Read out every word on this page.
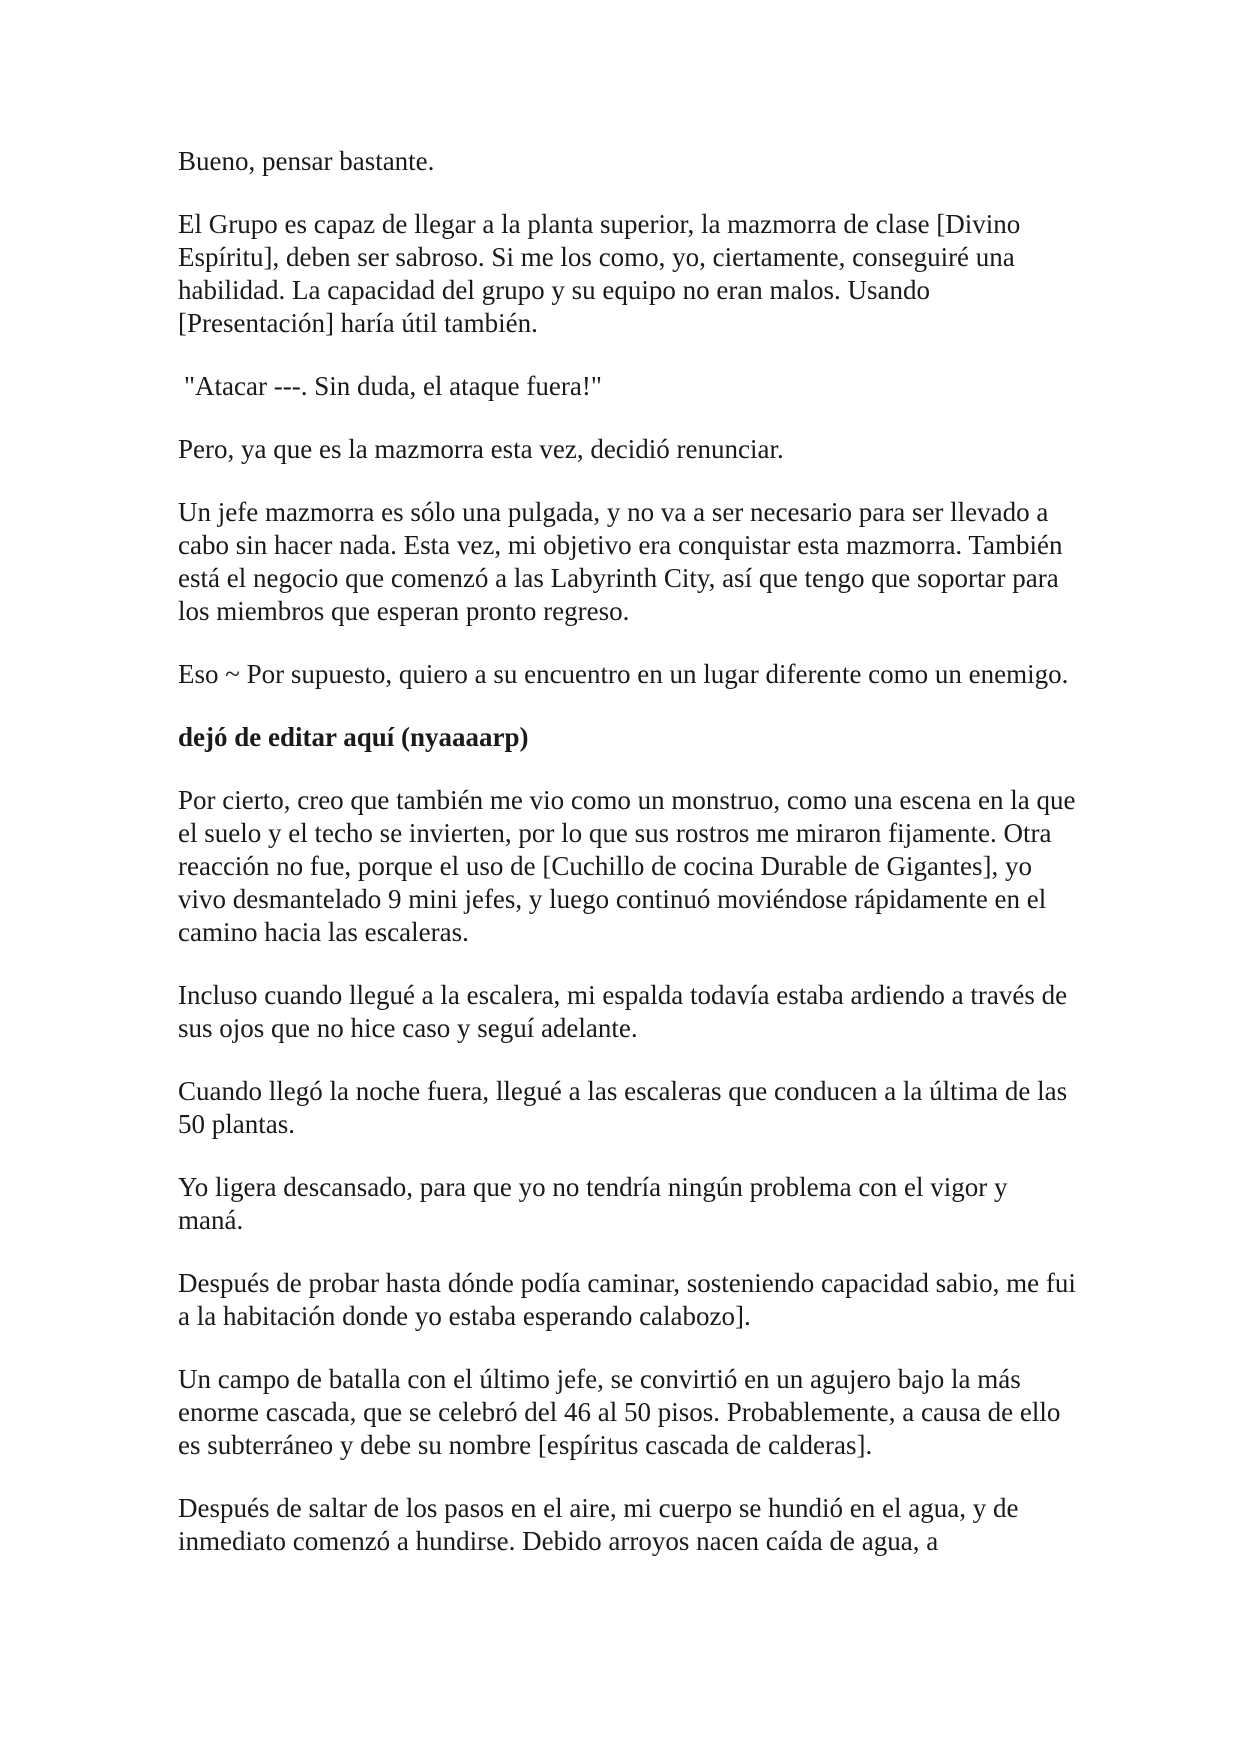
Bueno, pensar bastante.

El Grupo es capaz de llegar a la planta superior, la mazmorra de clase [Divino Espíritu], deben ser sabroso. Si me los como, yo, ciertamente, conseguiré una habilidad. La capacidad del grupo y su equipo no eran malos. Usando [Presentación] haría útil también.

"Atacar ---. Sin duda, el ataque fuera!"

Pero, ya que es la mazmorra esta vez, decidió renunciar.

Un jefe mazmorra es sólo una pulgada, y no va a ser necesario para ser llevado a cabo sin hacer nada. Esta vez, mi objetivo era conquistar esta mazmorra. También está el negocio que comenzó a las Labyrinth City, así que tengo que soportar para los miembros que esperan pronto regreso.

Eso ~ Por supuesto, quiero a su encuentro en un lugar diferente como un enemigo.

dejó de editar aquí (nyaaaarp)

Por cierto, creo que también me vio como un monstruo, como una escena en la que el suelo y el techo se invierten, por lo que sus rostros me miraron fijamente. Otra reacción no fue, porque el uso de [Cuchillo de cocina Durable de Gigantes], yo vivo desmantelado 9 mini jefes, y luego continuó moviéndose rápidamente en el camino hacia las escaleras.

Incluso cuando llegué a la escalera, mi espalda todavía estaba ardiendo a través de sus ojos que no hice caso y seguí adelante.

Cuando llegó la noche fuera, llegué a las escaleras que conducen a la última de las 50 plantas.

Yo ligera descansado, para que yo no tendría ningún problema con el vigor y maná.

Después de probar hasta dónde podía caminar, sosteniendo capacidad sabio, me fui a la habitación donde yo estaba esperando calabozo].

Un campo de batalla con el último jefe, se convirtió en un agujero bajo la más enorme cascada, que se celebró del 46 al 50 pisos. Probablemente, a causa de ello es subterráneo y debe su nombre [espíritus cascada de calderas].

Después de saltar de los pasos en el aire, mi cuerpo se hundió en el agua, y de inmediato comenzó a hundirse. Debido arroyos nacen caída de agua, a
